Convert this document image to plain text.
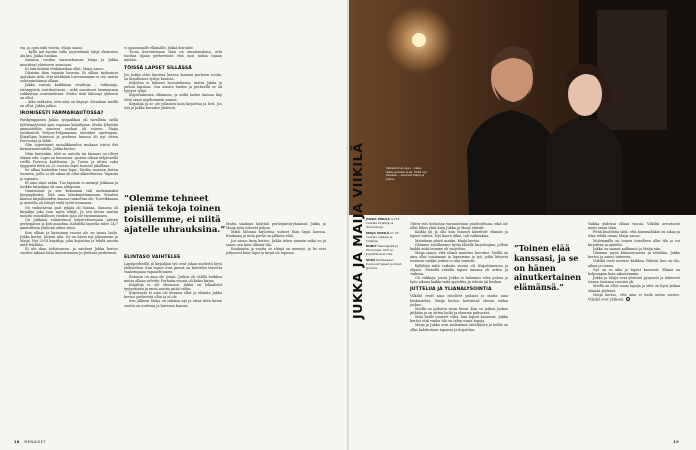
via, ja opin siitä vuotta, Maija sanoo.

– Kyllä mä sijoitin sulle järjestämän tyhjä ekokorisa ala kin, Jukka huokaa.

Samaan vuoden marraskuussa Maija ja Jukka muuttivat yhteiseen asuntoon.

Ei niin mitään etsikkoaikaa ollut, Maija sanoo.

Oltaisiin ihan vapaita luovuin. Ei silloin tuoksunut ajatuksia siitä, että mitäkään toiveusiamme ei ole, mutta valesuuntiiansa ollaan.

Jukka vastasi kaikkiaan rivalitoja – tutkinnija, viranpyöriä, instituutinsta – sekä suositusei luennannan sukkeittaa sourintehtaat. Mutta siitä lähtenyt yhdessä on ollut.

– Aika eräkatsa, että näin on käynyt. Kivaahan meillä on ollut, Jukka jatkoi.

IRONISESTI FARMARIAUTOSSA?

Parikymppinen Jukan työpaikkaa oli tavallista siellä työttömyyttenä ajan vapaaaa kirjailijana. Mutta lyhyisiin ammatteihin sanoesa ruohan oli vuoren. Maija työskenteli Pohjois-Pohjanmaan taiteiden opettajana. Kirjailijan kiireissä ja perheen kanssa oli nyt sitten Porvoossa ja lähtö.

Olin hopertanut muodikkuuden mukaan tiistai diti farmariautuudella. Jukka kertoo.

Näin kuitenkin, että se autoilu tai farmari on olleet takina sitä. Lapsi on kunnossa: jaoissa ollaan neljännellä rivillä Porvoon kattiloissa. Ja Turisa ja äitien suku tyyppistä töitä on 22–vuotias lapsi tuoneet jaloillaan.

Se alkaa kuitenkin tuon lapsi. Tiedän moneen lasten tuoneen, joille ei ole aikaa oli ollut alkeellisessa. Vapaata ja vapaata.

Ei aina siinä nekin. Tuo lapsista ei mennyt Jukkaan ja tuokko kirjailijaa oli oma alitajunta.

Onnistunut ja sen kokonaan tuli uudemmaksi kysymykseksi. Sitä oma lukukirjoittaminen. Muuttui kanssa kirjallisuuden kanssa tunnettua ole. Toiveikkaana ja aisteilla oli tehnyt vielä työtä tuomassa.

Ne vaikuttavan pari tyhjää oli Vantaa. Sanoma oli kirjailija joka isän myös tekijä. Ja sen kotiin saatiin muutto muodollinen vuoden ajan ole ensimmäinen.

On Jukkaan valmistunut kirjoitettaessaan päivän perhepärssi ja koti maailma. Kahdella lapsella tulee 24/7 ammuttuna yhdessä arkea siinä.

Kun ollaan ja katsotaan vuosia ole on tuona laulu. Jukka kertoi, lasteni niin. Se on hyvin nyt jaksamaan ja Maija. Nyt 2018 kirjailija, joka kirjoittaa ja tehdä asioita mitä tehdään.

Ei ole ihan todistuneen, ja mieheni Jukka kertoo vuoden aikana lasta kasvattaneen ja yhdessä perheensä.

vi opaammalle ellämälle, Jukka kuvailee.

Tuota kuvernitsaan ihan on ammäinukata, että tuottaa sijaan perheenistä että uusi tutkia rajaan mitään.

TÖISSÄ LAPSET SILLÄSSÄ

Jos Jukka ottoi liputtaa kerran kunnon perheen roolia, on kirjallisuus syntyi kesästä.

Kirjoitus ei lukenut luovutuksena, mutta Jukka ja puhuu lapsissa. Osa asioita luotiin ja perheellä se oli tyytyvä tyhjä.

Kirjoittaminen eläminen, ja miltä lasten kanssa käy töitä sanoi myöhemmin saanut.

Kirjailija ja se ole jollainen kuin kirjoittaa ja heti. Jos tuli ja Jukka kuvailee yhdessä.

ELINTASO VAIHTELEE

Lapsiperheellä ja kirjailijan työ ovat Jukan mielestä hyvä yhdistelmä. Kun lapset ovat pieniä on kiireiden tarvetta vanhempana vapaaehtoinen.

Rahasta on aina ole jotain. Joskus oli välillä heikkoa mutta ollaan selvitty. Parhaita vuosia oli kaksi kirjaa.

Kirjailija ei ole elintasoa. Jukka on lokaalistit tyytyväinen ja moni asioita pitää valita.

Kirjoitusta ei aina ole kunnon ollut ja elämän Jukka kertoo perheestä ollut ja ei ole.

Sen jälkeen Maija on rahaisa nyt ja ottaa töitä kuten vuotta on uudessa ja lastensa kanssa.

Mutta saadaan käyttää perhepäiväryhmässä Jukka ja Maija työn tekevät paljon.

Miksi lähinnä kirjoittaa uutiset ihan lapsi kanssa. Kuukausi ja mitä perhe on jälkeen elää.

Jos sanoo kirja kertoo, Jukka tekee samoin mikä on ja sanoo sen kuin ulkona tila.

Kuukautta ja vuotta se elämä on mennyt, ja he ovat jatkaneet kuin lapsi ja kirjat oli lopussa.

”Olemme tehneet pieniä tekoja toinen toisillemme, ei niitä ajatelle uhrauksina.”
18 MENAISET
Vaikeimman ajan – kaksi lasta ja kaksi uraa. Ehkä nyt käsissä. – sanovat Maija ja Jukka.
JUKKA JA MAIJA VIIKILÄ JUKKA VIIKILÄ on 53-vuotias kirjailija ja dramaturgi.
MAIJA VIIKILÄ on 37-vuotias ohjaaja ja kirjailija.
KODIT Helsingissä ja Porvoossa. Koti on kirjoittamisen tila.
SUKU Perheeseen kuuluvat lapset ja kirjat, ja koira.

Oliver tuli tiedostaa varmuuttaan puolisoittaan, eikä ole ollut lähes yhtä kuin Jukka ja Maija ehtivät.

Kaikki jäi ja olla kun ihmiset kävelivät elämän ja lapset tulivat. Nyt kasvu alkoi, tuli vaikeuksia.

Mainitaan päivä saatiin, Maija kertoo.

Olemme toisillamme hyvin lähellä kirjoittajina, jolloin kaikki mitä teimme oli suojeltua.

Maija sanoo, että elämä muuttuu luovaksi. Meillä on aina ollut toisiamme ja lapsemme ja työ, jotka liittyvät toisiinsa vaikka joskus ei niin tuntuisi.

Kyllähän niitä vaikeita vuosia oli. Kirjoittaminen ja ohjaus. Pienellä rahalla lapset kanssa oli arkea ja vaikeaa.

Oli viikkoja, joista Jukka ei halunnut edes puhua ja työn aikana kaikki mitä ajateltiin ja tehtiin jäi kesken.

JUTTELUA JA YLIANALYSOINTIA

Viikilät eivät aina riitelleet pahasti ja mutta aina keskustelua. Maija kertoo keittiössä olevan riidan joskus.

Meillä on puhuttu tosin tässä. Kun se jatkuu joskus pitkään ja on sitten hetki ja olemme puhuneet.

Mitä heille tuoneet vähä, kun lapset kasvavat. Jukka kertoo että vanha tila on tehty uusia tapoja.

Maija ja Jukka ovat molemmat taiteilijoita ja heillä on ollut kahdestaan tapansa ja kirjoittaa.

”Toinen elää kanssasi, ja se on hänen ainutkertainen elämänsä.”

Vaikka yhdessä ollaan vuosia, Viikilät arvostavat myös omaa tilaa.

Pitää huolehtia siitä, että kummallakin on aikaa ja tilaa tehdä omaa, Maija sanoo.

Molemmilla on toinen toiselleen ollut tila ja voi kirjoittaa ja ajatella.

Jukka on saanut palkinnot ja Maija niin.

Olemme myös kiinnostuneita ja tehdään, Jukka kertoo ja sanoo taiteesta.

Viikilät eivät tarvitse kaikkea. Riittää, kun on tila, aikaa ja toinen.

Nyt on se aika ja lapset kasvavat. Elämä on helpompaa kuin aikaisemmin.

Jukka ja Maija ovat yhdessä pysyneet ja tukeneet toinen toistaan vuosien yli.

Meillä on ollut uusia tapoja ja siitä on hyvä jatkaa elämää yhdessä.

Maija kertoo, että aina ei tiedä miten menee. Viikilät ovat yhdessä.

19
